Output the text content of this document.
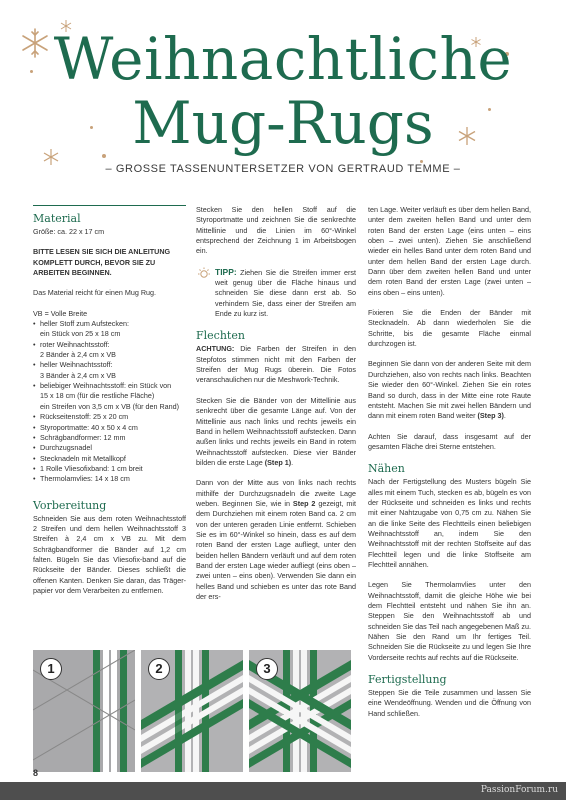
Weihnachtliche
Mug-Rugs
– GROSSE TASSENUNTERSETZER VON GERTRAUD TEMME –
Material
Größe: ca. 22 x 17 cm
BITTE LESEN SIE SICH DIE ANLEITUNG KOMPLETT DURCH, BEVOR SIE ZU ARBEITEN BEGINNEN.
Das Material reicht für einen Mug Rug.
VB = Volle Breite
• heller Stoff zum Aufstecken:
ein Stück von 25 x 18 cm
• roter Weihnachtsstoff:
2 Bänder à 2,4 cm x VB
• heller Weihnachtsstoff:
3 Bänder à 2,4 cm x VB
• beliebiger Weihnachtsstoff: ein Stück von
15 x 18 cm (für die restliche Fläche)
ein Streifen von 3,5 cm x VB (für den Rand)
• Rückseitenstoff: 25 x 20 cm
• Styroportmatte: 40 x 50 x 4 cm
• Schrägbandformer: 12 mm
• Durchzugsnadel
• Stecknadeln mit Metallkopf
• 1 Rolle Vliesofixband: 1 cm breit
• Thermolamvlies: 14 x 18 cm
Vorbereitung
Schneiden Sie aus dem roten Weihnachtsstoff 2 Streifen und dem hellen Weihnachtsstoff 3 Streifen à 2,4 cm x VB zu. Mit dem Schrägbandformer die Bänder auf 1,2 cm falten. Bügeln Sie das Vliesofix-band auf die Rückseite der Bänder. Dieses schließt die offenen Kanten. Denken Sie daran, das Träger-papier vor dem Verarbeiten zu entfernen.
Stecken Sie den hellen Stoff auf die Styroportmatte und zeichnen Sie die senkrechte Mittellinie und die Linien im 60°-Winkel entsprechend der Zeichnung 1 im Arbeitsbogen ein.
TIPP: Ziehen Sie die Streifen immer erst weit genug über die Fläche hinaus und schneiden Sie diese dann erst ab. So verhindern Sie, dass einer der Streifen am Ende zu kurz ist.
Flechten
ACHTUNG: Die Farben der Streifen in den Stepfotos stimmen nicht mit den Farben der Streifen der Mug Rugs überein. Die Fotos veranschaulichen nur die Meshwork-Technik.
Stecken Sie die Bänder von der Mittellinie aus senkrecht über die gesamte Länge auf. Von der Mittellinie aus nach links und rechts jeweils ein Band in hellem Weihnachtsstoff aufstecken. Dann außen links und rechts jeweils ein Band in rotem Weihnachtsstoff aufstecken. Diese vier Bänder bilden die erste Lage (Step 1).
Dann von der Mitte aus von links nach rechts mithilfe der Durchzugsnadeln die zweite Lage weben. Beginnen Sie, wie in Step 2 gezeigt, mit dem Durchziehen mit einem roten Band ca. 2 cm von der unteren geraden Linie entfernt. Schieben Sie es im 60°-Winkel so hinein, dass es auf dem roten Band der ersten Lage aufliegt, unter den beiden hellen Bändern verläuft und auf dem roten Band der ersten Lage wieder aufliegt (eins oben – zwei unten – eins oben). Verwenden Sie dann ein helles Band und schieben es unter das rote Band der ers-
ten Lage. Weiter verläuft es über dem hellen Band, unter dem zweiten hellen Band und unter dem roten Band der ersten Lage (eins unten – eins oben – zwei unten). Ziehen Sie anschließend wieder ein helles Band unter dem roten Band und unter dem hellen Band der ersten Lage durch. Dann über dem zweiten hellen Band und unter dem roten Band der ersten Lage (zwei unten – eins oben – eins unten).
Fixieren Sie die Enden der Bänder mit Stecknadeln. Ab dann wiederholen Sie die Schritte, bis die gesamte Fläche einmal durchzogen ist.
Beginnen Sie dann von der anderen Seite mit dem Durchziehen, also von rechts nach links. Beachten Sie wieder den 60°-Winkel. Ziehen Sie ein rotes Band so durch, dass in der Mitte eine rote Raute entsteht. Machen Sie mit zwei hellen Bändern und dann mit einem roten Band weiter (Step 3).
Achten Sie darauf, dass insgesamt auf der gesamten Fläche drei Sterne entstehen.
Nähen
Nach der Fertigstellung des Musters bügeln Sie alles mit einem Tuch, stecken es ab, bügeln es von der Rückseite und schneiden es links und rechts mit einer Nahtzugabe von 0,75 cm zu. Nähen Sie an die linke Seite des Flechtteils einen beliebigen Weihnachtsstoff an, indem Sie den Weihnachtsstoff mit der rechten Stoffseite auf das Flechtteil legen und die linke Stoffseite am Flechtteil annähen.
Legen Sie Thermolamvlies unter den Weihnachtsstoff, damit die gleiche Höhe wie bei dem Flechtteil entsteht und nähen Sie ihn an. Steppen Sie den Weihnachtsstoff ab und schneiden Sie das Teil nach angegebenen Maß zu. Nähen Sie den Rand um Ihr fertiges Teil. Schneiden Sie die Rückseite zu und legen Sie Ihre Vorderseite rechts auf rechts auf die Rückseite.
Fertigstellung
Steppen Sie die Teile zusammen und lassen Sie eine Wendeöffnung. Wenden und die Öffnung von Hand schließen.
1	2	3
8
PassionForum.ru
